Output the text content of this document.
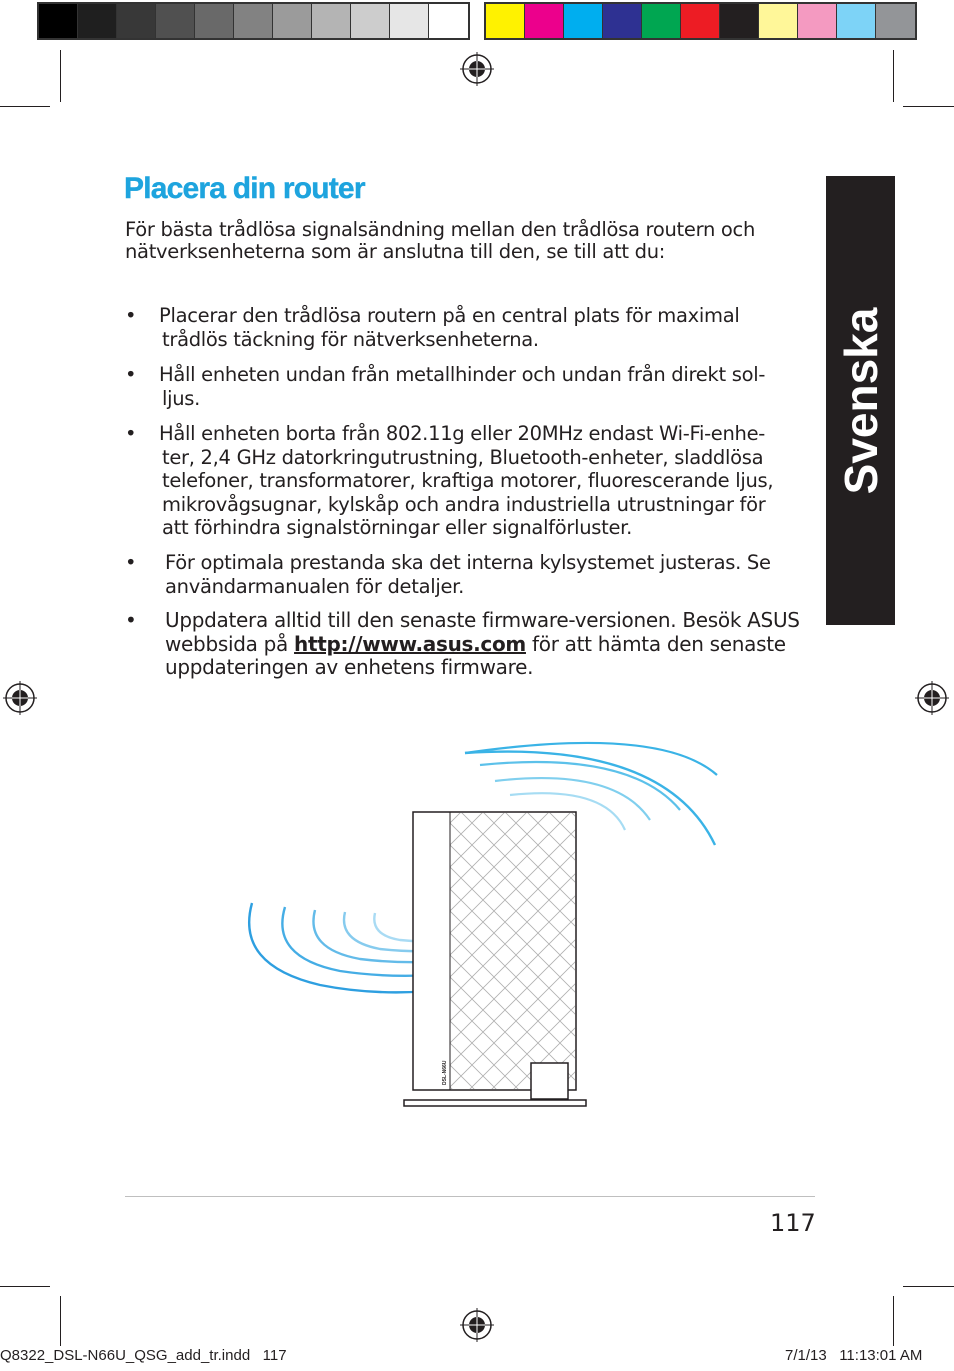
Placera din router
För bästa trådlösa signalsändning mellan den trådlösa routern och
nätverksenheterna som är anslutna till den, se till att du:
• Placerar den trådlösa routern på en central plats för maximal
trådlös täckning för nätverksenheterna.
• Håll enheten undan från metallhinder och undan från direkt sol-
ljus.
• Håll enheten borta från 802.11g eller 20MHz endast Wi-Fi-enhe-
ter, 2,4 GHz datorkringutrustning, Bluetooth-enheter, sladdlösa
telefoner, transformatorer, kraftiga motorer, fluorescerande ljus,
mikrovågsugnar, kylskåp och andra industriella utrustningar för
att förhindra signalstörningar eller signalförluster.
• För optimala prestanda ska det interna kylsystemet justeras. Se
användarmanualen för detaljer.
• Uppdatera alltid till den senaste firmware-versionen. Besök ASUS
webbsida på http://www.asus.com för att hämta den senaste
uppdateringen av enhetens firmware.
Svenska
DSL-N66U
117
Q8322_DSL-N66U_QSG_add_tr.indd   117	7/1/13   11:13:01 AM
